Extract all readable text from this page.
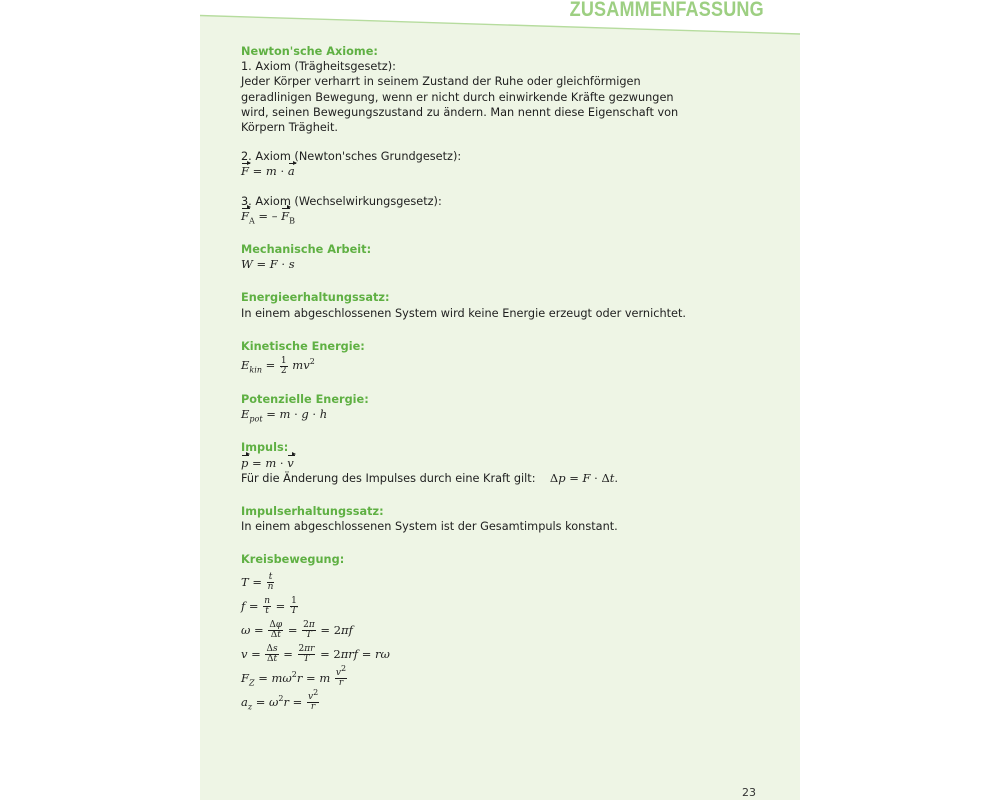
ZUSAMMENFASSUNG
Newton'sche Axiome:
1. Axiom (Trägheitsgesetz):
Jeder Körper verharrt in seinem Zustand der Ruhe oder gleichförmigen
geradlinigen Bewegung, wenn er nicht durch einwirkende Kräfte gezwungen
wird, seinen Bewegungszustand zu ändern. Man nennt diese Eigenschaft von
Körpern Trägheit.
2. Axiom (Newton'sches Grundgesetz):
F = m · a
3. Axiom (Wechselwirkungsgesetz):
$F_A$ = – $F_B$
Mechanische Arbeit:
W = F · s
Energieerhaltungssatz:
In einem abgeschlossenen System wird keine Energie erzeugt oder vernichtet.
Kinetische Energie:
$E_{kin} = \frac{1}{2} mv^2$
Potenzielle Energie:
$E_{pot} = m \cdot g \cdot h$
Impuls:
p = m · v
Für die Änderung des Impulses durch eine Kraft gilt: Δp = F · Δt.
Impulserhaltungssatz:
In einem abgeschlossenen System ist der Gesamtimpuls konstant.
Kreisbewegung:
$T = \frac{t}{n}$
$f = \frac{n}{t} = \frac{1}{T}$
$\omega = \frac{\Delta\varphi}{\Delta t} = \frac{2\pi}{T} = 2\pi f$
$v = \frac{\Delta s}{\Delta t} = \frac{2\pi r}{T} = 2\pi rf = r\omega$
$F_Z = m\omega^2r = m \frac{v^2}{r}$
$a_z = \omega^2r = \frac{v^2}{r}$
23
